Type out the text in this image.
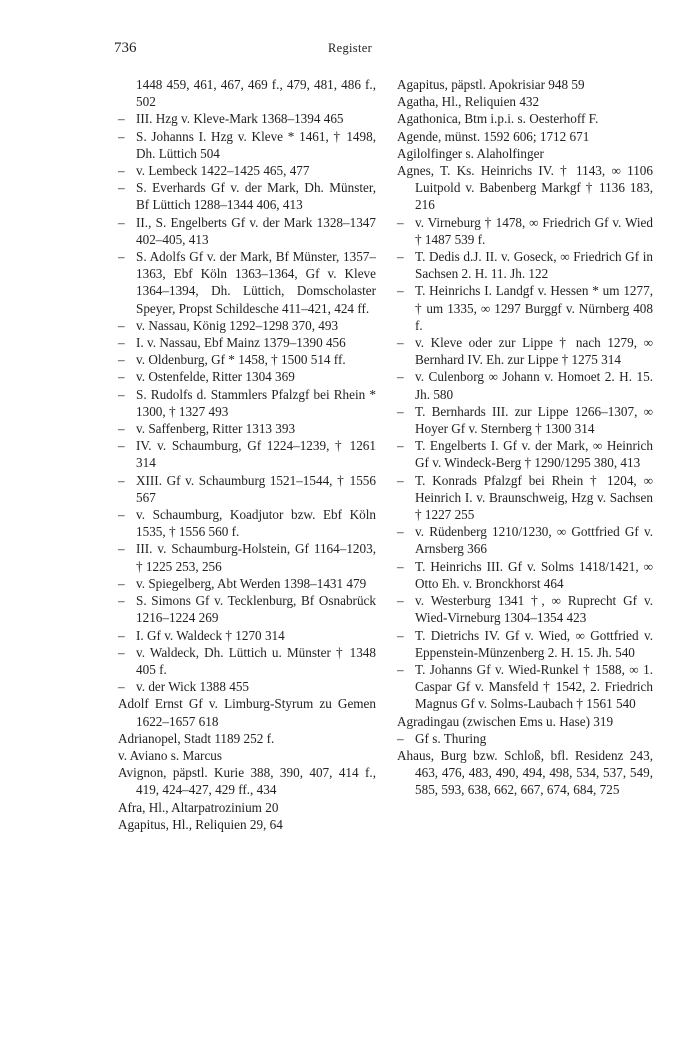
736	Register
1448 459, 461, 467, 469 f., 479, 481, 486 f., 502
– III. Hzg v. Kleve-Mark 1368–1394 465
– S. Johanns I. Hzg v. Kleve * 1461, † 1498, Dh. Lüttich 504
– v. Lembeck 1422–1425 465, 477
– S. Everhards Gf v. der Mark, Dh. Münster, Bf Lüttich 1288–1344 406, 413
– II., S. Engelberts Gf v. der Mark 1328–1347 402–405, 413
– S. Adolfs Gf v. der Mark, Bf Münster, 1357–1363, Ebf Köln 1363–1364, Gf v. Kleve 1364–1394, Dh. Lüttich, Domscholaster Speyer, Propst Schildesche 411–421, 424 ff.
– v. Nassau, König 1292–1298 370, 493
– I. v. Nassau, Ebf Mainz 1379–1390 456
– v. Oldenburg, Gf * 1458, † 1500 514 ff.
– v. Ostenfelde, Ritter 1304 369
– S. Rudolfs d. Stammlers Pfalzgf bei Rhein * 1300, † 1327 493
– v. Saffenberg, Ritter 1313 393
– IV. v. Schaumburg, Gf 1224–1239, † 1261 314
– XIII. Gf v. Schaumburg 1521–1544, † 1556 567
– v. Schaumburg, Koadjutor bzw. Ebf Köln 1535, † 1556 560 f.
– III. v. Schaumburg-Holstein, Gf 1164–1203, † 1225 253, 256
– v. Spiegelberg, Abt Werden 1398–1431 479
– S. Simons Gf v. Tecklenburg, Bf Osnabrück 1216–1224 269
– I. Gf v. Waldeck † 1270 314
– v. Waldeck, Dh. Lüttich u. Münster † 1348 405 f.
– v. der Wick 1388 455
Adolf Ernst Gf v. Limburg-Styrum zu Gemen 1622–1657 618
Adrianopel, Stadt 1189 252 f.
v. Aviano s. Marcus
Avignon, päpstl. Kurie 388, 390, 407, 414 f., 419, 424–427, 429 ff., 434
Afra, Hl., Altarpatrozinium 20
Agapitus, Hl., Reliquien 29, 64
Agapitus, päpstl. Apokrisiar 948 59
Agatha, Hl., Reliquien 432
Agathonica, Btm i.p.i. s. Oesterhoff F.
Agende, münst. 1592 606; 1712 671
Agilolfinger s. Alaholfinger
Agnes, T. Ks. Heinrichs IV. † 1143, ∞ 1106 Luitpold v. Babenberg Markgf † 1136 183, 216
– v. Virneburg † 1478, ∞ Friedrich Gf v. Wied † 1487 539 f.
– T. Dedis d.J. II. v. Goseck, ∞ Friedrich Gf in Sachsen 2. H. 11. Jh. 122
– T. Heinrichs I. Landgf v. Hessen * um 1277, † um 1335, ∞ 1297 Burggf v. Nürnberg 408 f.
– v. Kleve oder zur Lippe † nach 1279, ∞ Bernhard IV. Eh. zur Lippe † 1275 314
– v. Culenborg ∞ Johann v. Homoet 2. H. 15. Jh. 580
– T. Bernhards III. zur Lippe 1266–1307, ∞ Hoyer Gf v. Sternberg † 1300 314
– T. Engelberts I. Gf v. der Mark, ∞ Heinrich Gf v. Windeck-Berg † 1290/1295 380, 413
– T. Konrads Pfalzgf bei Rhein † 1204, ∞ Heinrich I. v. Braunschweig, Hzg v. Sachsen † 1227 255
– v. Rüdenberg 1210/1230, ∞ Gottfried Gf v. Arnsberg 366
– T. Heinrichs III. Gf v. Solms 1418/1421, ∞ Otto Eh. v. Bronckhorst 464
– v. Westerburg 1341 †, ∞ Ruprecht Gf v. Wied-Virneburg 1304–1354 423
– T. Dietrichs IV. Gf v. Wied, ∞ Gottfried v. Eppenstein-Münzenberg 2. H. 15. Jh. 540
– T. Johanns Gf v. Wied-Runkel † 1588, ∞ 1. Caspar Gf v. Mansfeld † 1542, 2. Friedrich Magnus Gf v. Solms-Laubach † 1561 540
Agradingau (zwischen Ems u. Hase) 319
– Gf s. Thuring
Ahaus, Burg bzw. Schloß, bfl. Residenz 243, 463, 476, 483, 490, 494, 498, 534, 537, 549, 585, 593, 638, 662, 667, 674, 684, 725
